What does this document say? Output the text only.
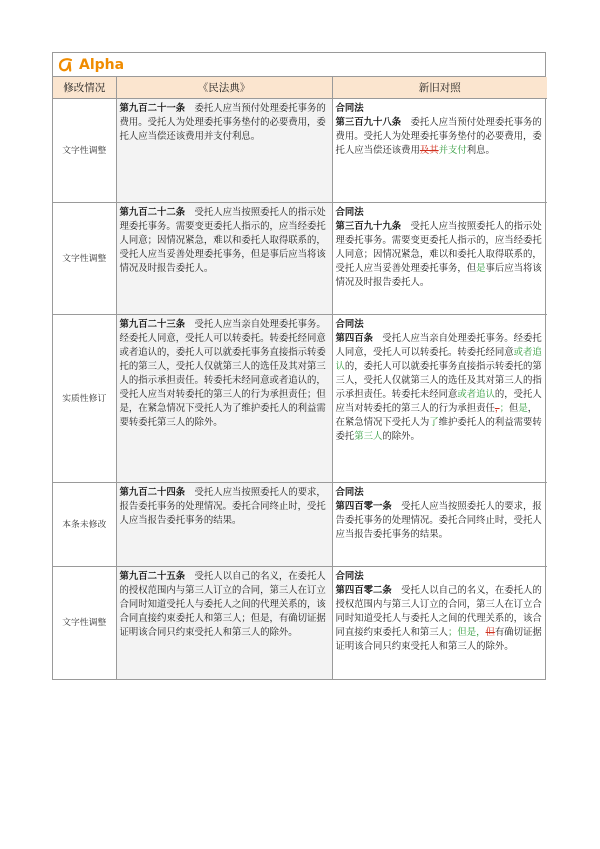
Alpha
修改情况	《民法典》	新旧对照
文字性调整	第九百二十一条　 委托人应当预付处理委托事务的费用。受托人为处理委托事务垫付的必要费用，委托人应当偿还该费用并支付利息。	合同法
第三百九十八条　 委托人应当预付处理委托事务的费用。受托人为处理委托事务垫付的必要费用，委托人应当偿还该费用及其并支付利息。
文字性调整	第九百二十二条　 受托人应当按照委托人的指示处理委托事务。需要变更委托人指示的，应当经委托人同意；因情况紧急，难以和委托人取得联系的，受托人应当妥善处理委托事务，但是事后应当将该情况及时报告委托人。	合同法
第三百九十九条　 受托人应当按照委托人的指示处理委托事务。需要变更委托人指示的，应当经委托人同意；因情况紧急，难以和委托人取得联系的，受托人应当妥善处理委托事务，但是事后应当将该情况及时报告委托人。
实质性修订	第九百二十三条　 受托人应当亲自处理委托事务。经委托人同意，受托人可以转委托。转委托经同意或者追认的，委托人可以就委托事务直接指示转委托的第三人，受托人仅就第三人的选任及其对第三人的指示承担责任。转委托未经同意或者追认的，受托人应当对转委托的第三人的行为承担责任；但是，在紧急情况下受托人为了维护委托人的利益需要转委托第三人的除外。	合同法
第四百条　 受托人应当亲自处理委托事务。经委托人同意，受托人可以转委托。转委托经同意或者追认的，委托人可以就委托事务直接指示转委托的第三人，受托人仅就第三人的选任及其对第三人的指示承担责任。转委托未经同意或者追认的，受托人应当对转委托的第三人的行为承担责任，；但是，在紧急情况下受托人为了维护委托人的利益需要转委托第三人的除外。
本条未修改	第九百二十四条　 受托人应当按照委托人的要求，报告委托事务的处理情况。委托合同终止时，受托人应当报告委托事务的结果。	合同法
第四百零一条　 受托人应当按照委托人的要求，报告委托事务的处理情况。委托合同终止时，受托人应当报告委托事务的结果。
文字性调整	第九百二十五条　 受托人以自己的名义，在委托人的授权范围内与第三人订立的合同，第三人在订立合同时知道受托人与委托人之间的代理关系的，该合同直接约束委托人和第三人；但是，有确切证据证明该合同只约束受托人和第三人的除外。	合同法
第四百零二条　 受托人以自己的名义，在委托人的授权范围内与第三人订立的合同，第三人在订立合同时知道受托人与委托人之间的代理关系的，该合同直接约束委托人和第三人；但是，但有确切证据证明该合同只约束受托人和第三人的除外。
